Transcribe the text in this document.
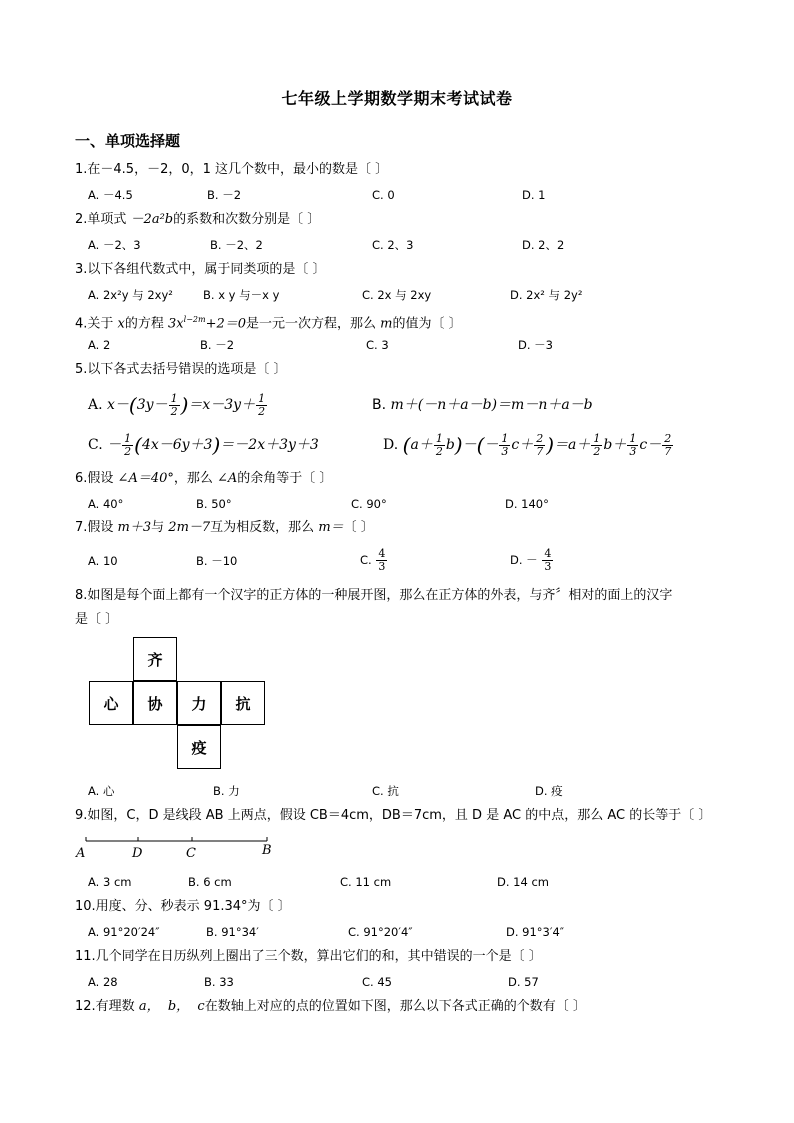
七年级上学期数学期末考试试卷
一、单项选择题
1.在－4.5，－2，0，1 这几个数中，最小的数是〔 〕
A. －4.5	B. －2	C. 0	D. 1
2.单项式 －2a²b的系数和次数分别是〔 〕
A. －2、3	B. －2、2	C. 2、3	D. 2、2
3.以下各组代数式中，属于同类项的是〔 〕
A. 2x²y 与 2xy²	B. x y 与－x y	C. 2x 与 2xy	D. 2x² 与 2y²
4.关于 x的方程 $3x^{l-2m}+2=0$是一元一次方程，那么 m的值为〔 〕
A. 2	B. －2	C. 3	D. －3
5.以下各式去括号错误的选项是〔 〕
A. $x-(3y- \frac{1}{2} )=x-3y+ \frac{1}{2}$	B. m＋(－n＋a－b)＝m－n＋a－b
C. － $\frac{1}{2} (4x-6y+3)=-2x+3y+3$	D. $(a+ \frac{1}{2} b)-(- \frac{1}{3} c+ \frac{2}{7} )=a+ \frac{1}{2} b+ \frac{1}{3} c- \frac{2}{7}$
6.假设 ∠A＝40°，那么 ∠A的余角等于〔 〕
A. 40°	B. 50°	C. 90°	D. 140°
7.假设 m＋3与 2m－7互为相反数，那么 m＝〔 〕
A. 10	B. －10	C. $\frac{4}{3}$	D. － $\frac{4}{3}$
8.如图是每个面上都有一个汉字的正方体的一种展开图，那么在正方体的外表，与齐〞相对的面上的汉字
是〔 〕
齐
心	协	力	抗
疫
A. 心	B. 力	C. 抗	D. 疫
9.如图，C，D 是线段 AB 上两点，假设 CB＝4cm，DB＝7cm，且 D 是 AC 的中点，那么 AC 的长等于〔 〕
A	D	C	B
A. 3 cm	B. 6 cm	C. 11 cm	D. 14 cm
10.用度、分、秒表示 91.34°为〔 〕
A. 91°20′24″	B. 91°34′	C. 91°20′4″	D. 91°3′4″
11.几个同学在日历纵列上圈出了三个数，算出它们的和，其中错误的一个是〔 〕
A. 28	B. 33	C. 45	D. 57
12.有理数 a，  b，  c在数轴上对应的点的位置如下图，那么以下各式正确的个数有〔 〕
